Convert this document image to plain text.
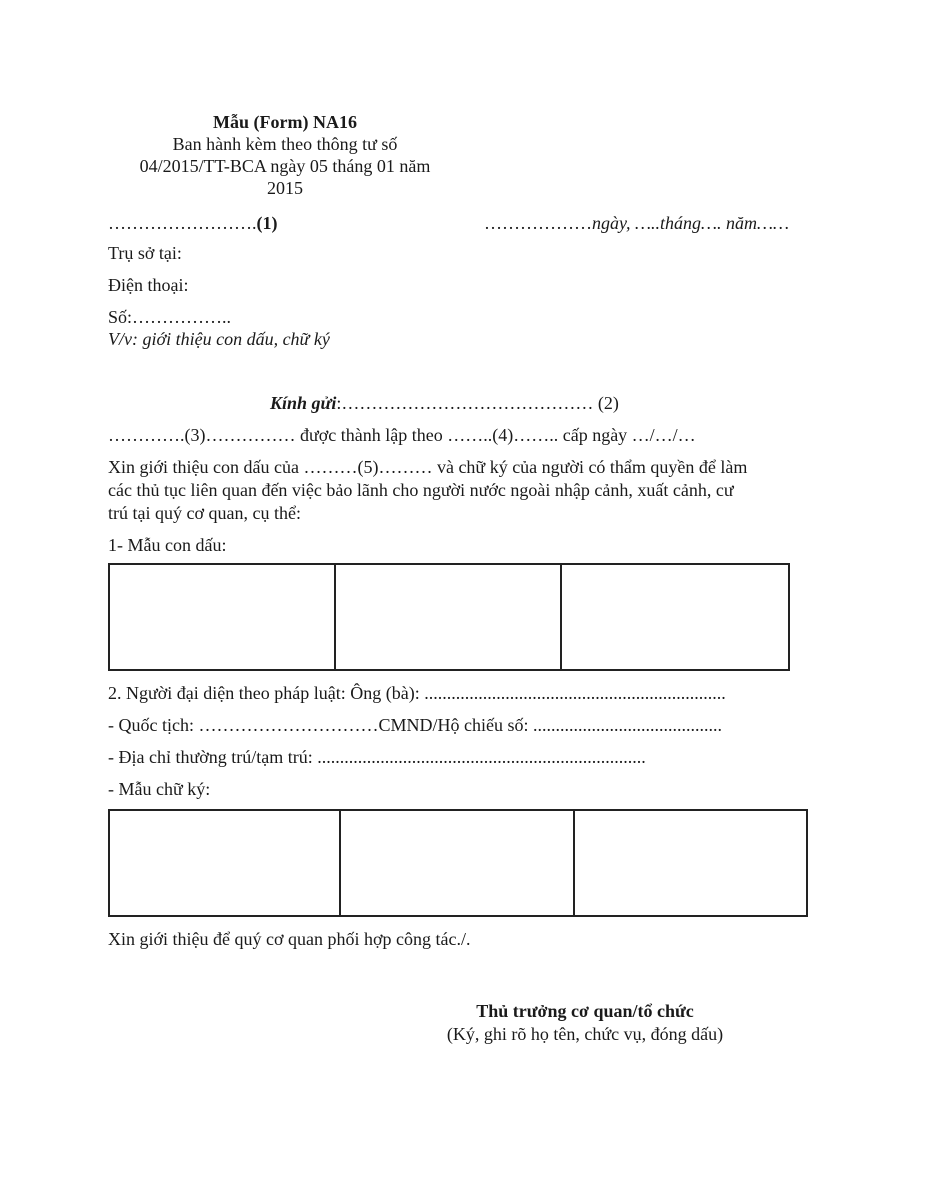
Mẫu (Form) NA16
Ban hành kèm theo thông tư số
04/2015/TT-BCA ngày 05 tháng 01 năm
2015
…………………….(1)	………………ngày, …..tháng…. năm……
Trụ sở tại:
Điện thoại:
Số:……………..
V/v: giới thiệu con dấu, chữ ký
Kính gửi:…………………………………… (2)
………….(3)…………… được thành lập theo ……..(4)…….. cấp ngày …/…/…
Xin giới thiệu con dấu của ………(5)……… và chữ ký của người có thẩm quyền để làm
các thủ tục liên quan đến việc bảo lãnh cho người nước ngoài nhập cảnh, xuất cảnh, cư
trú tại quý cơ quan, cụ thể:
1- Mẫu con dấu:

2. Người đại diện theo pháp luật: Ông (bà): ...................................................................
- Quốc tịch: …………………………CMND/Hộ chiếu số: ..........................................
- Địa chỉ thường trú/tạm trú: .........................................................................
- Mẫu chữ ký:

Xin giới thiệu để quý cơ quan phối hợp công tác./.
Thủ trưởng cơ quan/tổ chức
(Ký, ghi rõ họ tên, chức vụ, đóng dấu)
